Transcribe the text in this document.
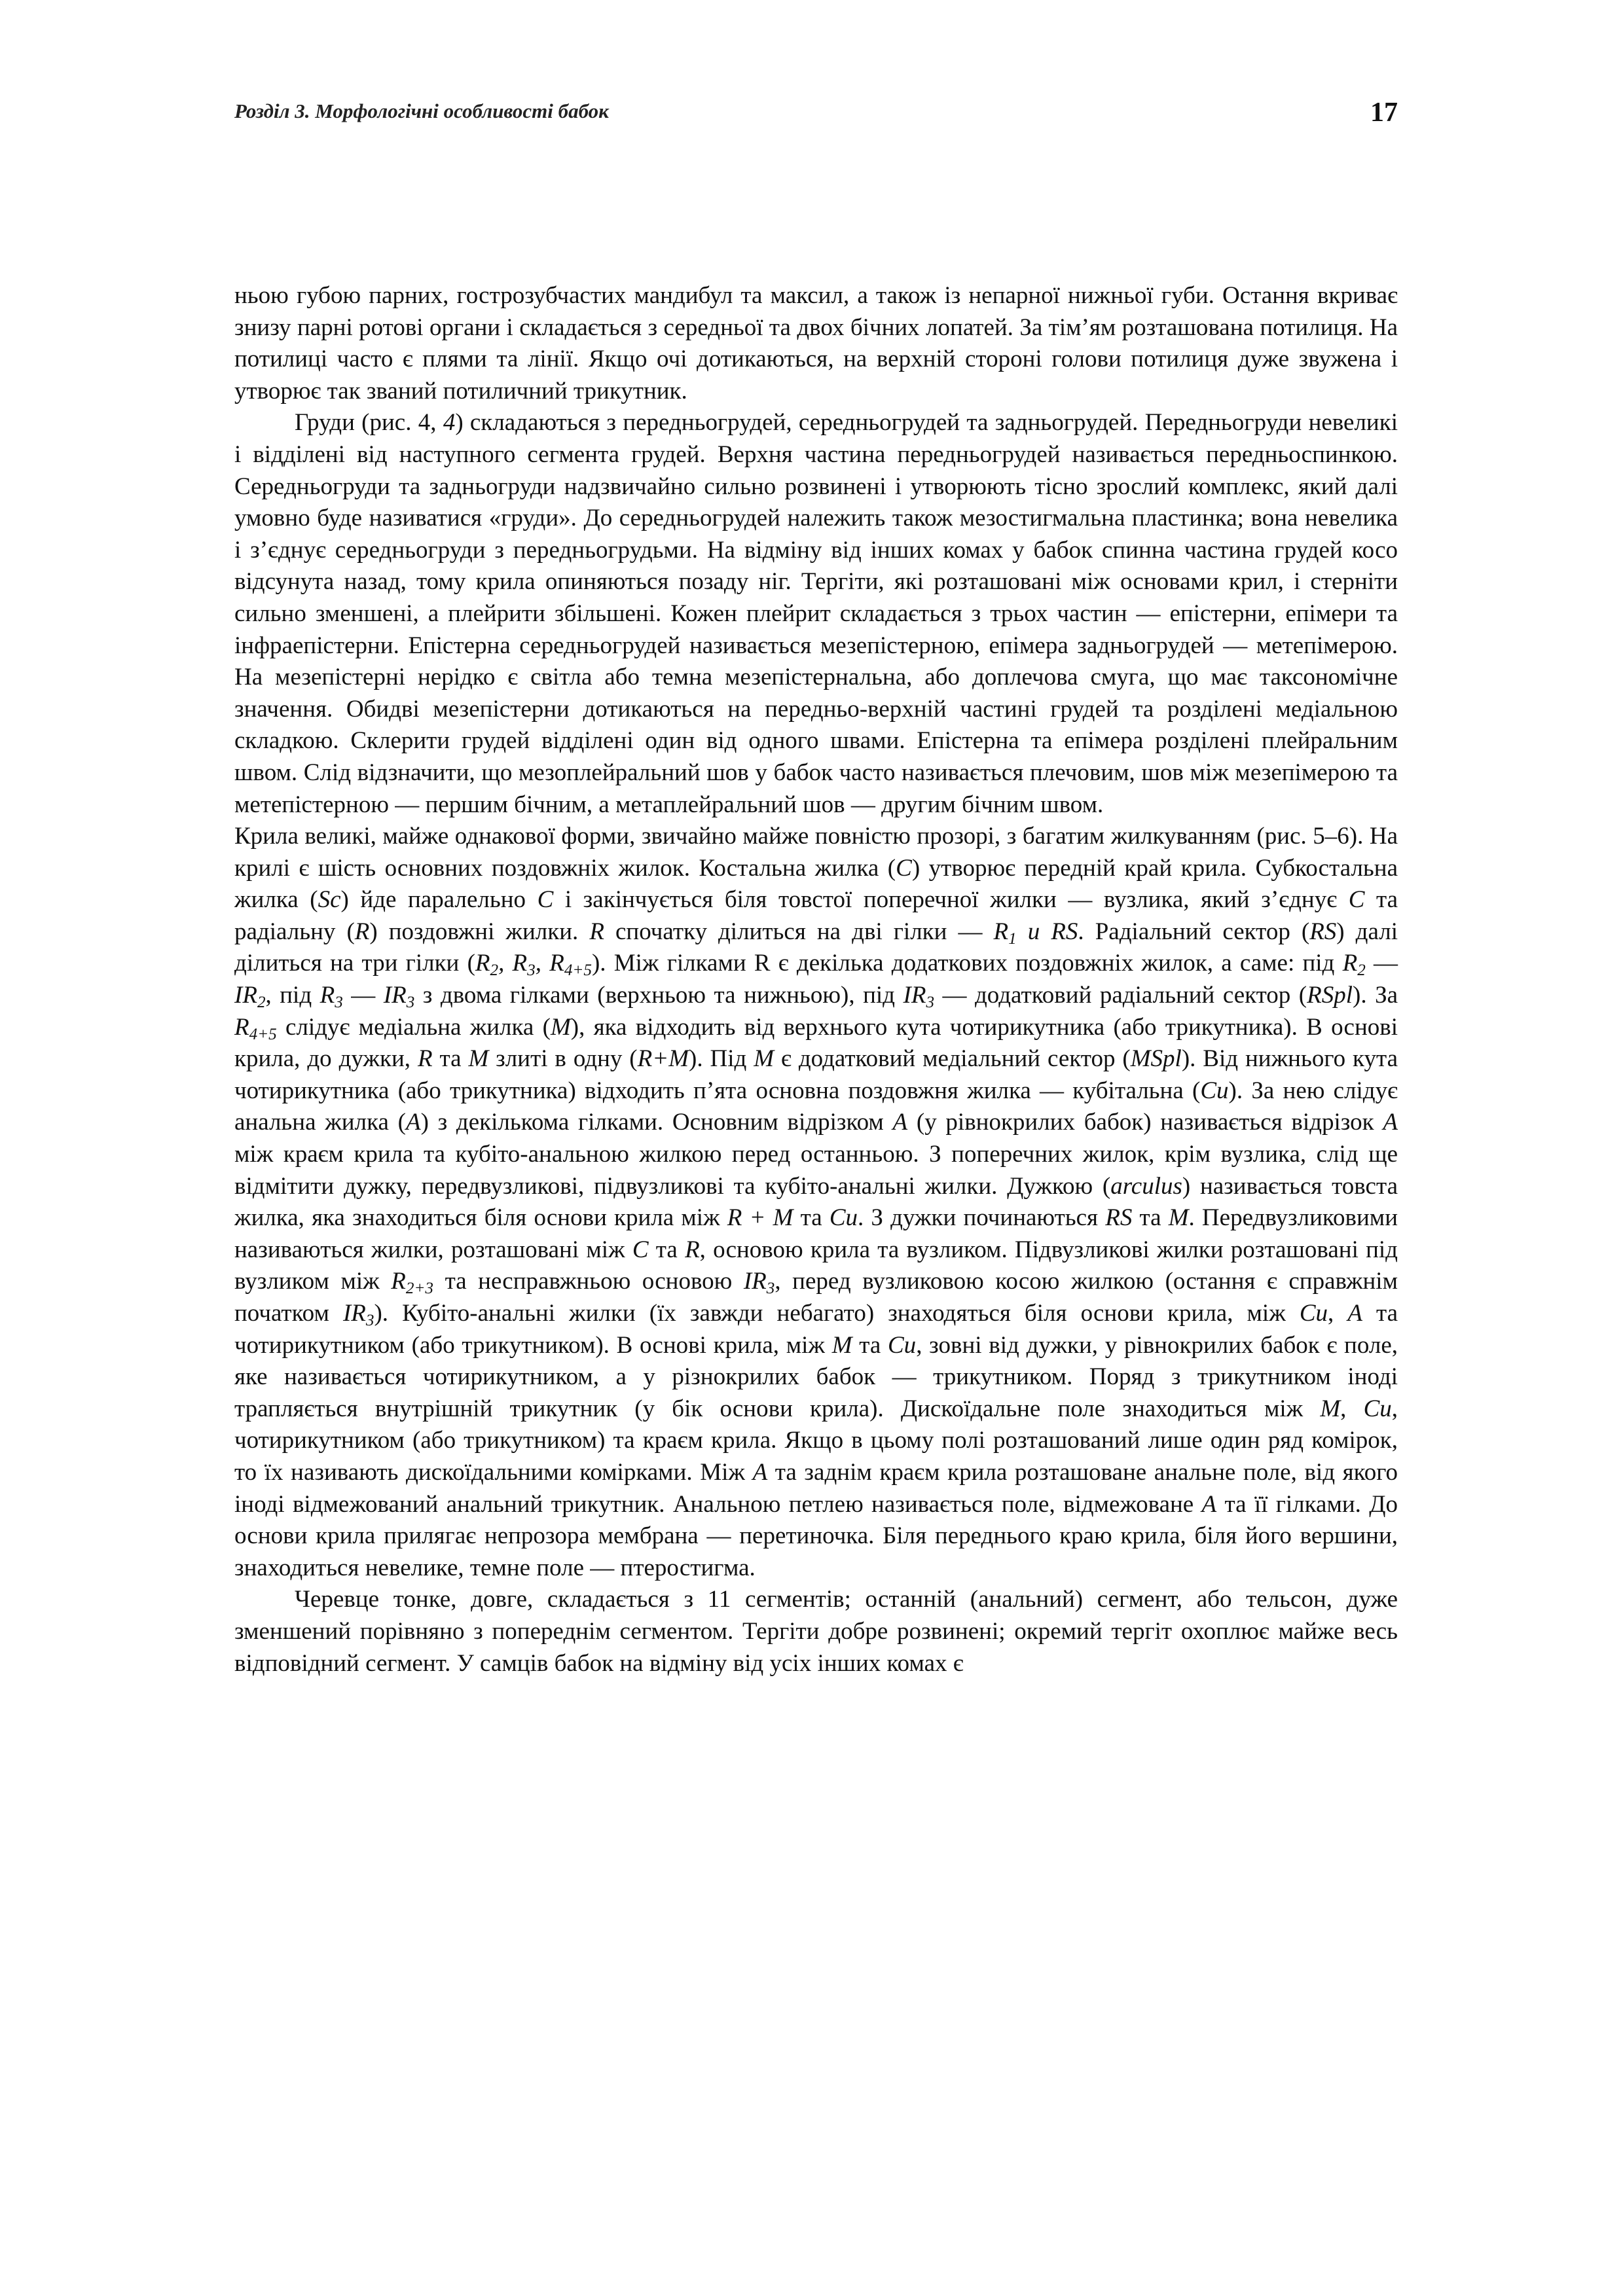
Розділ 3. Морфологічні особливості бабок	17

ньою губою парних, гострозубчастих мандибул та максил, а також із непарної нижньої губи. Остання вкриває знизу парні ротові органи і складається з середньої та двох бічних лопатей. За тім’ям розташована потилиця. На потилиці часто є плями та лінії. Якщо очі дотикаються, на верхній стороні голови потилиця дуже звужена і утворює так званий потиличний трикутник.

Груди (рис. 4, 4) складаються з передньогрудей, середньогрудей та задньогрудей. Передньогруди невеликі і відділені від наступного сегмента грудей. Верхня частина передньогрудей називається передньоспинкою. Середньогруди та задньогруди надзвичайно сильно розвинені і утворюють тісно зрослий комплекс, який далі умовно буде називатися «груди». До середньогрудей належить також мезостигмальна пластинка; вона невелика і з’єднує середньогруди з передньогрудьми. На відміну від інших комах у бабок спинна частина грудей косо відсунута назад, тому крила опиняються позаду ніг. Тергіти, які розташовані між основами крил, і стерніти сильно зменшені, а плейрити збільшені. Кожен плейрит складається з трьох частин — епістерни, епімери та інфраепістерни. Епістерна середньогрудей називається мезепістерною, епімера задньогрудей — метепімерою. На мезепістерні нерідко є світла або темна мезепістернальна, або доплечова смуга, що має таксономічне значення. Обидві мезепістерни дотикаються на передньо-верхній частині грудей та розділені медіальною складкою. Склерити грудей відділені один від одного швами. Епістерна та епімера розділені плейральним швом. Слід відзначити, що мезоплейральний шов у бабок часто називається плечовим, шов між мезепімерою та метепістерною — першим бічним, а метаплейральний шов — другим бічним швом.

Крила великі, майже однакової форми, звичайно майже повністю прозорі, з багатим жилкуванням (рис. 5–6). На крилі є шість основних поздовжніх жилок. Костальна жилка (C) утворює передній край крила. Субкостальна жилка (Sc) йде паралельно C і закінчується біля товстої поперечної жилки — вузлика, який з’єднує C та радіальну (R) поздовжні жилки. R спочатку ділиться на дві гілки — $R_1$ и RS. Радіальний сектор (RS) далі ділиться на три гілки ($R_2$, $R_3$, $R_{4+5}$). Між гілками R є декілька додаткових поздовжніх жилок, а саме: під $R_2$ — $IR_2$, під $R_3$ — $IR_3$ з двома гілками (верхньою та нижньою), під $IR_3$ — додатковий радіальний сектор (RSpl). За $R_{4+5}$ слідує медіальна жилка (M), яка відходить від верхнього кута чотирикутника (або трикутника). В основі крила, до дужки, R та M злиті в одну (R+M). Під M є додатковий медіальний сектор (MSpl). Від нижнього кута чотирикутника (або трикутника) відходить п’ята основна поздовжня жилка — кубітальна (Cu). За нею слідує анальна жилка (A) з декількома гілками. Основним відрізком A (у рівнокрилих бабок) називається відрізок A між краєм крила та кубіто-анальною жилкою перед останньою. З поперечних жилок, крім вузлика, слід ще відмітити дужку, передвузликові, підвузликові та кубіто-анальні жилки. Дужкою (arculus) називається товста жилка, яка знаходиться біля основи крила між R + M та Cu. З дужки починаються RS та M. Передвузликовими називаються жилки, розташовані між C та R, основою крила та вузликом. Підвузликові жилки розташовані під вузликом між $R_{2+3}$ та несправжньою основою $IR_3$, перед вузликовою косою жилкою (остання є справжнім початком $IR_3$). Кубіто-анальні жилки (їх завжди небагато) знаходяться біля основи крила, між Cu, A та чотирикутником (або трикутником). В основі крила, між M та Cu, зовні від дужки, у рівнокрилих бабок є поле, яке називається чотирикутником, а у різнокрилих бабок — трикутником. Поряд з трикутником іноді трапляється внутрішній трикутник (у бік основи крила). Дискоїдальне поле знаходиться між M, Cu, чотирикутником (або трикутником) та краєм крила. Якщо в цьому полі розташований лише один ряд комірок, то їх називають дискоїдальними комірками. Між A та заднім краєм крила розташоване анальне поле, від якого іноді відмежований анальний трикутник. Анальною петлею називається поле, відмежоване A та її гілками. До основи крила прилягає непрозора мембрана — перетиночка. Біля переднього краю крила, біля його вершини, знаходиться невелике, темне поле — птеростигма.

Черевце тонке, довге, складається з 11 сегментів; останній (анальний) сегмент, або тельсон, дуже зменшений порівняно з попереднім сегментом. Тергіти добре розвинені; окремий тергіт охоплює майже весь відповідний сегмент. У самців бабок на відміну від усіх інших комах є
